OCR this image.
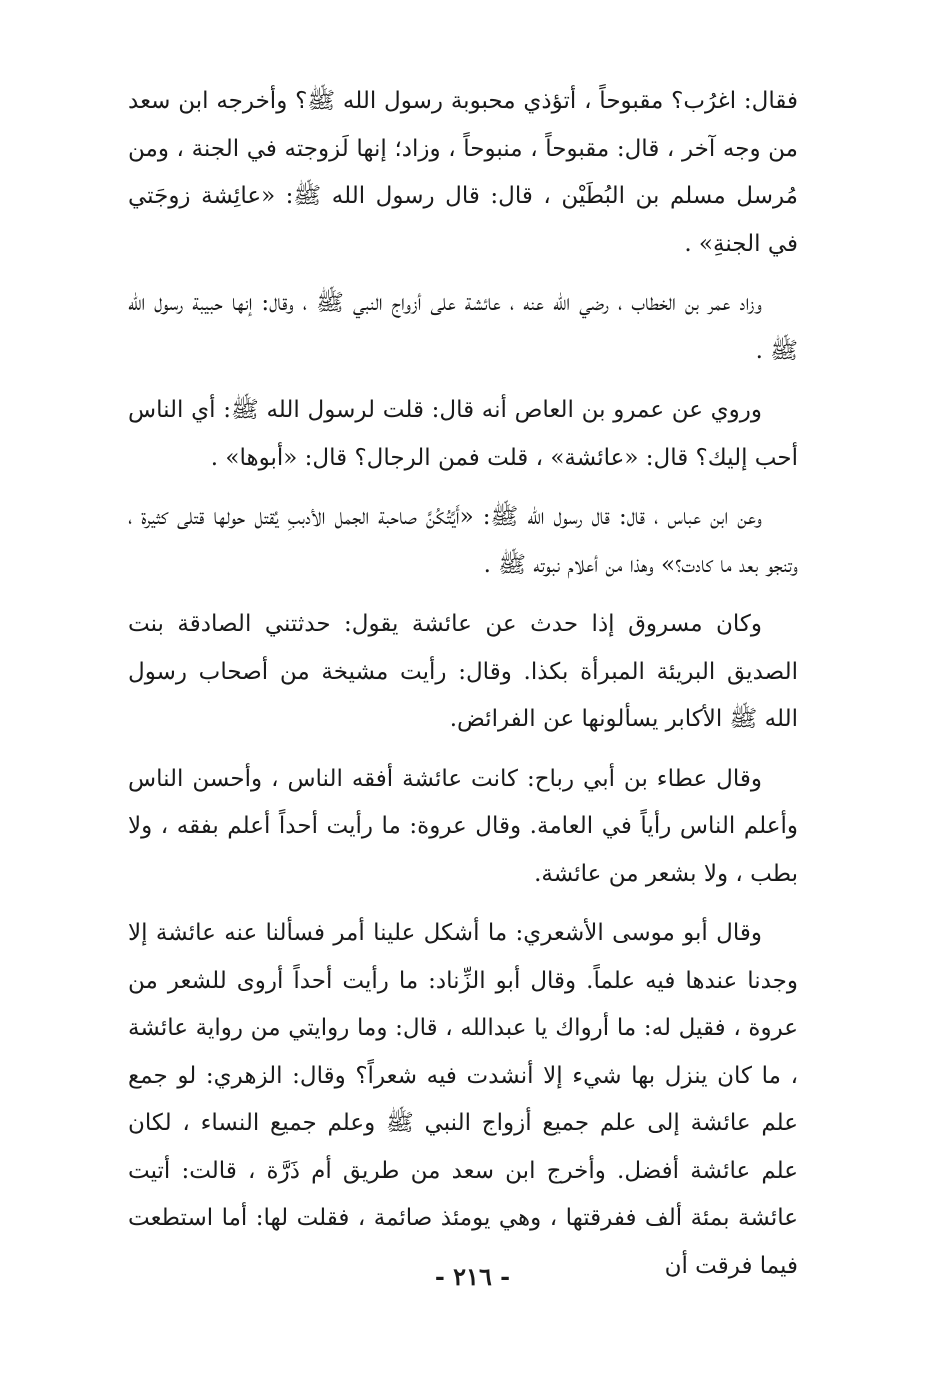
فقال: اغرُب؟ مقبوحاً ، أتؤذي محبوبة رسول الله ﷺ؟ وأخرجه ابن سعد من وجه آخر ، قال: مقبوحاً ، منبوحاً ، وزاد؛ إنها لَزوجته في الجنة ، ومن مُرسل مسلم بن البُطَيْن ، قال: قال رسول الله ﷺ: «عائِشة زوجَتي في الجنةِ» .

وزاد عمر بن الخطاب ، رضي الله عنه ، عائشة على أزواج النبي ﷺ ، وقال: إنها حبيبة رسول الله ﷺ .

وروي عن عمرو بن العاص أنه قال: قلت لرسول الله ﷺ: أي الناس أحب إليك؟ قال: «عائشة» ، قلت فمن الرجال؟ قال: «أبوها» .

وعن ابن عباس ، قال: قال رسول الله ﷺ: «أَيَّتُكُنَّ صاحبة الجمل الأدببِ يُقتل حولها قتلى كثيرة ، وتنجو بعد ما كادت؟» وهذا من أعلام نبوته ﷺ .

وكان مسروق إذا حدث عن عائشة يقول: حدثتني الصادقة بنت الصديق البريئة المبرأة بكذا. وقال: رأيت مشيخة من أصحاب رسول الله ﷺ الأكابر يسألونها عن الفرائض.

وقال عطاء بن أبي رباح: كانت عائشة أفقه الناس ، وأحسن الناس وأعلم الناس رأياً في العامة. وقال عروة: ما رأيت أحداً أعلم بفقه ، ولا بطب ، ولا بشعر من عائشة.

وقال أبو موسى الأشعري: ما أشكل علينا أمر فسألنا عنه عائشة إلا وجدنا عندها فيه علماً. وقال أبو الزِّناد: ما رأيت أحداً أروى للشعر من عروة ، فقيل له: ما أرواك يا عبدالله ، قال: وما روايتي من رواية عائشة ، ما كان ينزل بها شيء إلا أنشدت فيه شعراً؟ وقال: الزهري: لو جمع علم عائشة إلى علم جميع أزواج النبي ﷺ وعلم جميع النساء ، لكان علم عائشة أفضل. وأخرج ابن سعد من طريق أم ذَرَّة ، قالت: أتيت عائشة بمئة ألف ففرقتها ، وهي يومئذ صائمة ، فقلت لها: أما استطعت فيما فرقت أن

- ٢١٦ -
